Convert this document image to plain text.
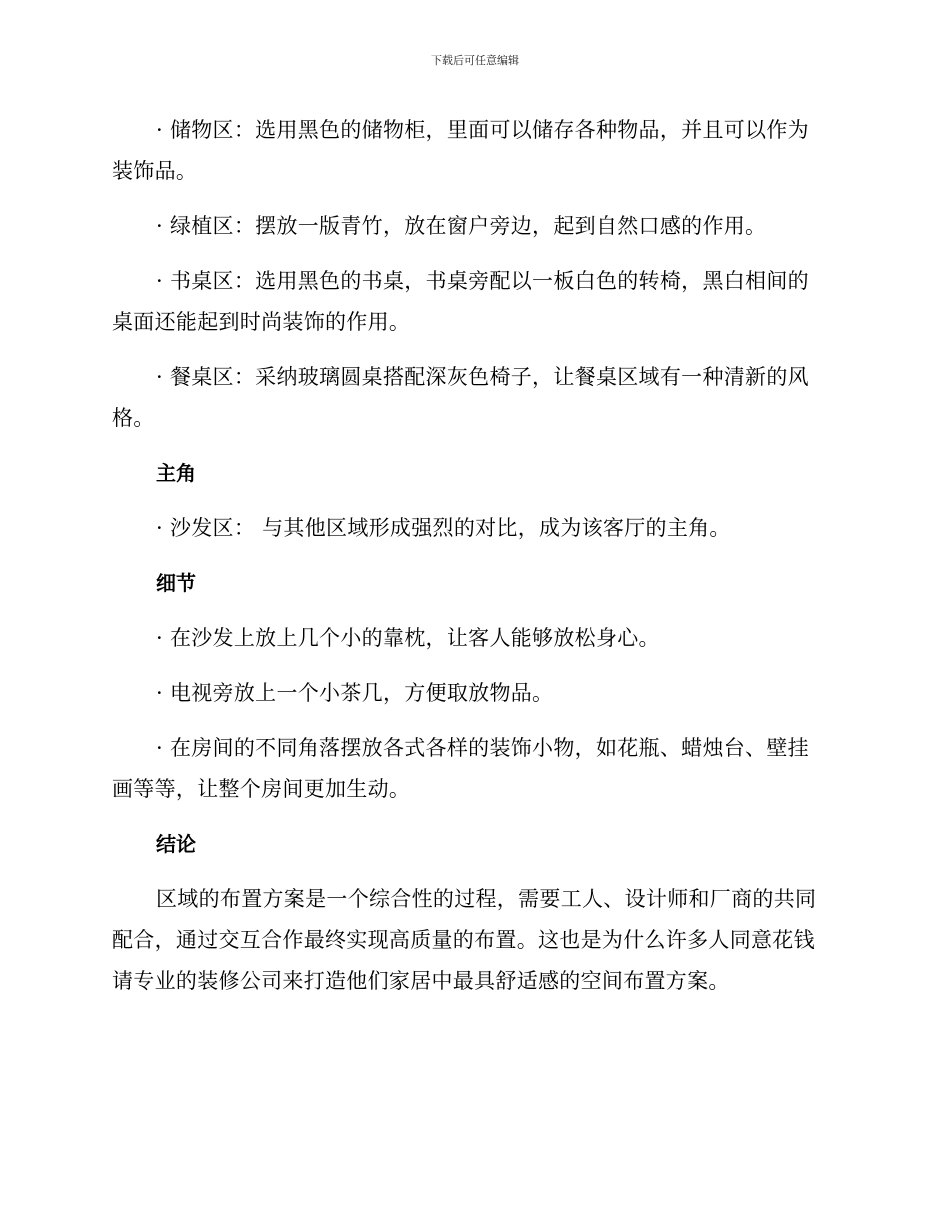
下载后可任意编辑

· 储物区：选用黑色的储物柜，里面可以储存各种物品，并且可以作为装饰品。

· 绿植区：摆放一版青竹，放在窗户旁边，起到自然口感的作用。

· 书桌区：选用黑色的书桌，书桌旁配以一板白色的转椅，黑白相间的桌面还能起到时尚装饰的作用。

· 餐桌区：采纳玻璃圆桌搭配深灰色椅子，让餐桌区域有一种清新的风格。

主角

· 沙发区： 与其他区域形成强烈的对比，成为该客厅的主角。

细节

· 在沙发上放上几个小的靠枕，让客人能够放松身心。

· 电视旁放上一个小茶几，方便取放物品。

· 在房间的不同角落摆放各式各样的装饰小物，如花瓶、蜡烛台、壁挂画等等，让整个房间更加生动。

结论

区域的布置方案是一个综合性的过程，需要工人、设计师和厂商的共同配合，通过交互合作最终实现高质量的布置。这也是为什么许多人同意花钱请专业的装修公司来打造他们家居中最具舒适感的空间布置方案。
